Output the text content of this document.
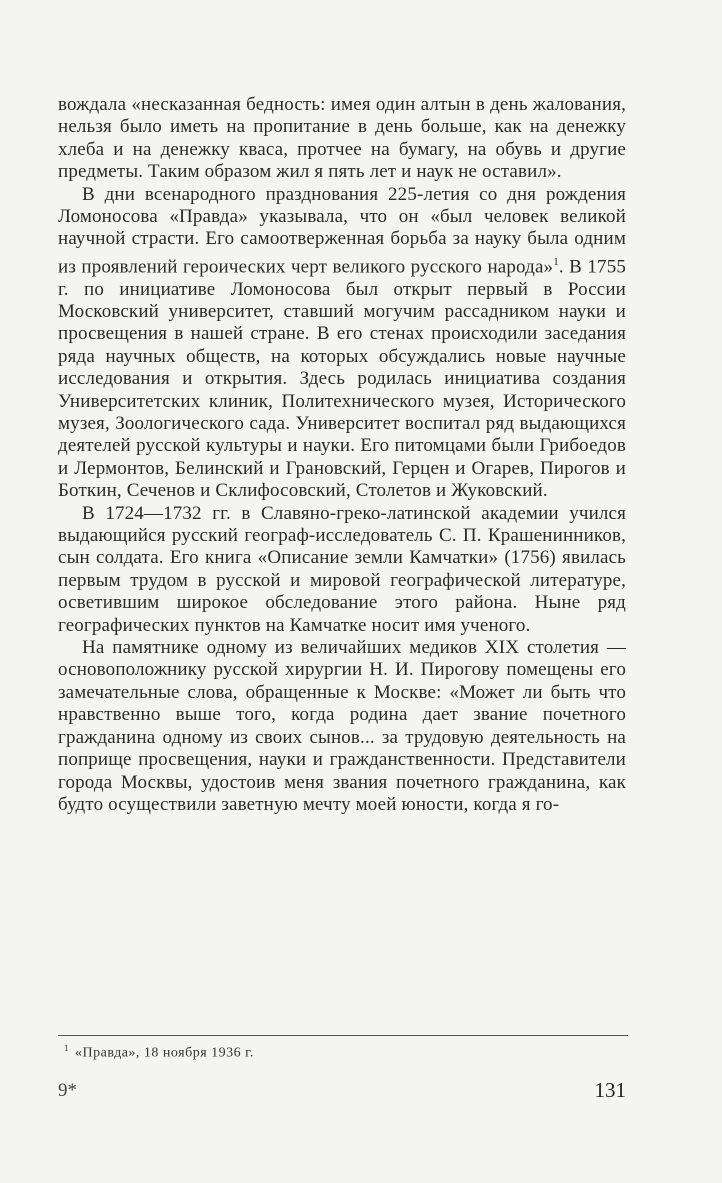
вождала «несказанная бедность: имея один алтын в день жалования, нельзя было иметь на пропитание в день больше, как на денежку хлеба и на денежку кваса, протчее на бумагу, на обувь и другие предметы. Таким образом жил я пять лет и наук не оставил».

В дни всенародного празднования 225-летия со дня рождения Ломоносова «Правда» указывала, что он «был человек великой научной страсти. Его самоотверженная борьба за науку была одним из проявлений героических черт великого русского народа»$^1$. В 1755 г. по инициативе Ломоносова был открыт первый в России Московский университет, ставший могучим рассадником науки и просвещения в нашей стране. В его стенах происходили заседания ряда научных обществ, на которых обсуждались новые научные исследования и открытия. Здесь родилась инициатива создания Университетских клиник, Политехнического музея, Исторического музея, Зоологического сада. Университет воспитал ряд выдающихся деятелей русской культуры и науки. Его питомцами были Грибоедов и Лермонтов, Белинский и Грановский, Герцен и Огарев, Пирогов и Боткин, Сеченов и Склифосовский, Столетов и Жуковский.

В 1724—1732 гг. в Славяно-греко-латинской академии учился выдающийся русский географ-исследователь С. П. Крашенинников, сын солдата. Его книга «Описание земли Камчатки» (1756) явилась первым трудом в русской и мировой географической литературе, осветившим широкое обследование этого района. Ныне ряд географических пунктов на Камчатке носит имя ученого.

На памятнике одному из величайших медиков XIX столетия — основоположнику русской хирургии Н. И. Пирогову помещены его замечательные слова, обращенные к Москве: «Может ли быть что нравственно выше того, когда родина дает звание почетного гражданина одному из своих сынов... за трудовую деятельность на поприще просвещения, науки и гражданственности. Представители города Москвы, удостоив меня звания почетного гражданина, как будто осуществили заветную мечту моей юности, когда я го-

$^1$ «Правда», 18 ноября 1936 г.
9*	131
